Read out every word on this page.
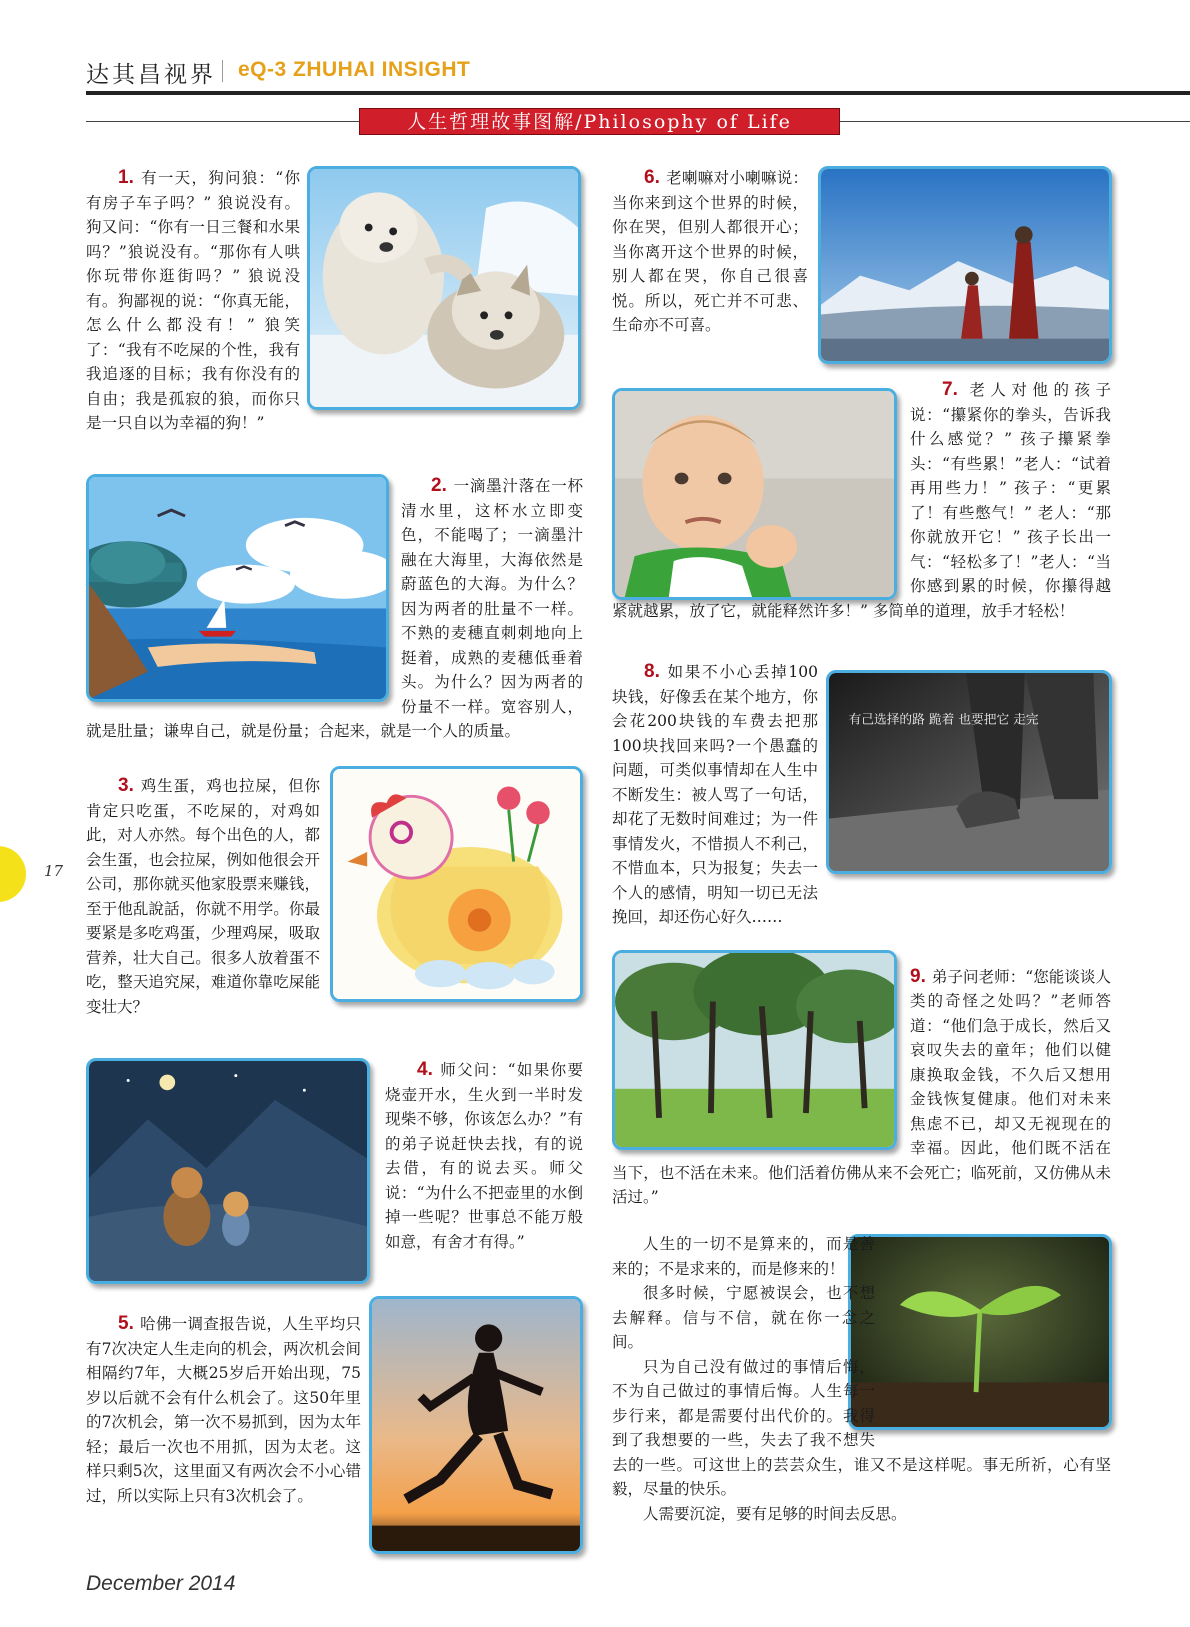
达其昌视界 eQ-3 ZHUHAI INSIGHT
人生哲理故事图解/Philosophy of Life
17
1. 有一天，狗问狼：“你有房子车子吗？” 狼说没有。狗又问：“你有一日三餐和水果吗？”狼说没有。“那你有人哄你玩带你逛街吗？” 狼说没有。狗鄙视的说：“你真无能，怎么什么都没有！” 狼笑了：“我有不吃屎的个性，我有我追逐的目标；我有你没有的自由；我是孤寂的狼，而你只是一只自以为幸福的狗！”
2. 一滴墨汁落在一杯清水里，这杯水立即变色，不能喝了；一滴墨汁融在大海里，大海依然是蔚蓝色的大海。为什么？因为两者的肚量不一样。不熟的麦穗直刺刺地向上挺着，成熟的麦穗低垂着头。为什么？因为两者的份量不一样。宽容别人，就是肚量；谦卑自己，就是份量；合起来，就是一个人的质量。
3. 鸡生蛋，鸡也拉屎，但你肯定只吃蛋，不吃屎的，对鸡如此，对人亦然。每个出色的人，都会生蛋，也会拉屎，例如他很会开公司，那你就买他家股票来赚钱，至于他乱說話，你就不用学。你最要紧是多吃鸡蛋，少理鸡屎，吸取营养，壮大自己。很多人放着蛋不吃，整天追究屎，难道你靠吃屎能变壮大？
4. 师父问：“如果你要烧壶开水，生火到一半时发现柴不够，你该怎么办？”有的弟子说赶快去找，有的说去借，有的说去买。师父说：“为什么不把壶里的水倒掉一些呢？世事总不能万般如意，有舍才有得。”
5. 哈佛一调查报告说，人生平均只有7次决定人生走向的机会，两次机会间相隔约7年，大概25岁后开始出现，75岁以后就不会有什么机会了。这50年里的7次机会，第一次不易抓到，因为太年轻；最后一次也不用抓，因为太老。这样只剩5次，这里面又有两次会不小心错过，所以实际上只有3次机会了。
6. 老喇嘛对小喇嘛说：当你来到这个世界的时候，你在哭，但别人都很开心；当你离开这个世界的时候，别人都在哭，你自己很喜悦。所以，死亡并不可悲、生命亦不可喜。
7. 老人对他的孩子说：“攥紧你的拳头，告诉我什么感觉？” 孩子攥紧拳头：“有些累！”老人：“试着再用些力！” 孩子：“更累了！有些憋气！” 老人：“那你就放开它！” 孩子长出一气：“轻松多了！”老人：“当你感到累的时候，你攥得越紧就越累，放了它，就能释然许多！” 多简单的道理，放手才轻松！
有己选择的路 跪着 也要把它 走完
8. 如果不小心丢掉100块钱，好像丢在某个地方，你会花200块钱的车费去把那100块找回来吗?一个愚蠢的问题，可类似事情却在人生中不断发生：被人骂了一句话，却花了无数时间难过；为一件事情发火，不惜损人不利己，不惜血本，只为报复；失去一个人的感情，明知一切已无法挽回，却还伤心好久……
9. 弟子问老师：“您能谈谈人类的奇怪之处吗？”老师答道：“他们急于成长，然后又哀叹失去的童年；他们以健康换取金钱，不久后又想用金钱恢复健康。他们对未来焦虑不已，却又无视现在的幸福。因此，他们既不活在当下，也不活在未来。他们活着仿佛从来不会死亡；临死前，又仿佛从未活过。”

人生的一切不是算来的，而是善来的；不是求来的，而是修来的！

很多时候，宁愿被误会，也不想去解释。信与不信，就在你一念之间。

只为自己没有做过的事情后悔，不为自己做过的事情后悔。人生每一步行来，都是需要付出代价的。我得到了我想要的一些，失去了我不想失去的一些。可这世上的芸芸众生，谁又不是这样呢。事无所祈，心有坚毅，尽量的快乐。

人需要沉淀，要有足够的时间去反思。

December 2014
